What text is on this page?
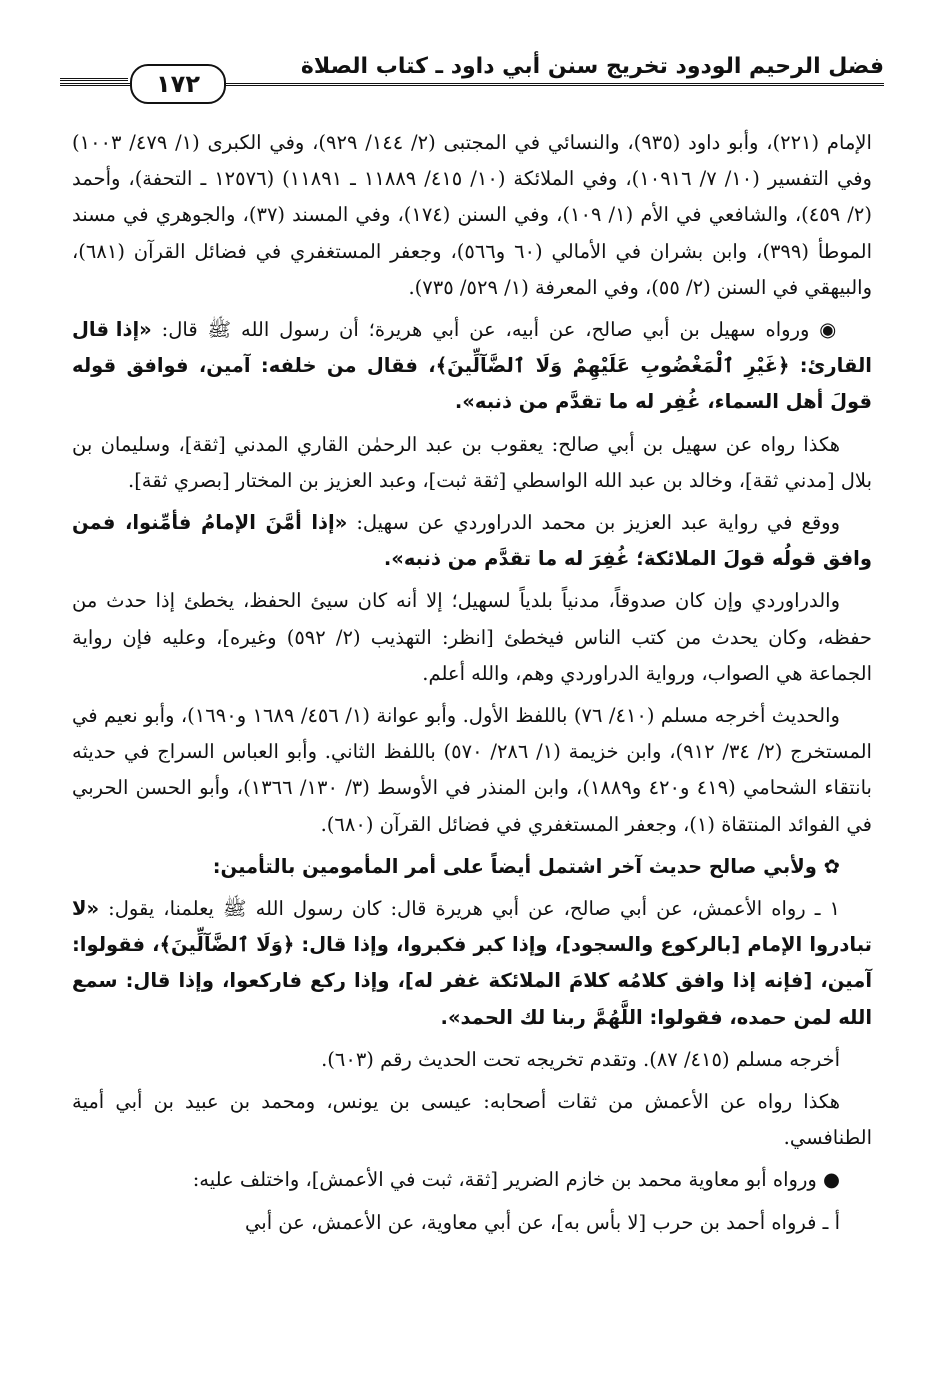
فضل الرحيم الودود تخريج سنن أبي داود ـ كتاب الصلاة
١٧٢

الإمام (٢٢١)، وأبو داود (٩٣٥)، والنسائي في المجتبى (٢/ ١٤٤/ ٩٢٩)، وفي الكبرى (١/ ٤٧٩/ ١٠٠٣) وفي التفسير (١٠/ ٧/ ١٠٩١٦)، وفي الملائكة (١٠/ ٤١٥/ ١١٨٨٩ ـ ١١٨٩١) (١٢٥٧٦ ـ التحفة)، وأحمد (٢/ ٤٥٩)، والشافعي في الأم (١/ ١٠٩)، وفي السنن (١٧٤)، وفي المسند (٣٧)، والجوهري في مسند الموطأ (٣٩٩)، وابن بشران في الأمالي (٦٠ و٥٦٦)، وجعفر المستغفري في فضائل القرآن (٦٨١)، والبيهقي في السنن (٢/ ٥٥)، وفي المعرفة (١/ ٥٢٩/ ٧٣٥).

◉ ورواه سهيل بن أبي صالح، عن أبيه، عن أبي هريرة؛ أن رسول الله ﷺ قال: «إذا قال القارئ: ﴿غَيْرِ ٱلْمَغْضُوبِ عَلَيْهِمْ وَلَا ٱلضَّآلِّينَ﴾، فقال من خلفه: آمين، فوافق قوله قولَ أهل السماء، غُفِر له ما تقدَّم من ذنبه».

هكذا رواه عن سهيل بن أبي صالح: يعقوب بن عبد الرحمٰن القاري المدني [ثقة]، وسليمان بن بلال [مدني ثقة]، وخالد بن عبد الله الواسطي [ثقة ثبت]، وعبد العزيز بن المختار [بصري ثقة].

ووقع في رواية عبد العزيز بن محمد الدراوردي عن سهيل: «إذا أمَّنَ الإمامُ فأمِّنوا، فمن وافق قولُه قولَ الملائكة؛ غُفِرَ له ما تقدَّم من ذنبه».

والدراوردي وإن كان صدوقاً، مدنياً بلدياً لسهيل؛ إلا أنه كان سيئ الحفظ، يخطئ إذا حدث من حفظه، وكان يحدث من كتب الناس فيخطئ [انظر: التهذيب (٢/ ٥٩٢) وغيره]، وعليه فإن رواية الجماعة هي الصواب، ورواية الدراوردي وهم، والله أعلم.

والحديث أخرجه مسلم (٤١٠/ ٧٦) باللفظ الأول. وأبو عوانة (١/ ٤٥٦/ ١٦٨٩ و١٦٩٠)، وأبو نعيم في المستخرج (٢/ ٣٤/ ٩١٢)، وابن خزيمة (١/ ٢٨٦/ ٥٧٠) باللفظ الثاني. وأبو العباس السراج في حديثه بانتقاء الشحامي (٤١٩ و٤٢٠ و١٨٨٩)، وابن المنذر في الأوسط (٣/ ١٣٠/ ١٣٦٦)، وأبو الحسن الحربي في الفوائد المنتقاة (١)، وجعفر المستغفري في فضائل القرآن (٦٨٠).

✿ ولأبي صالح حديث آخر اشتمل أيضاً على أمر المأمومين بالتأمين:

١ ـ رواه الأعمش، عن أبي صالح، عن أبي هريرة قال: كان رسول الله ﷺ يعلمنا، يقول: «لا تبادروا الإمام [بالركوع والسجود]، وإذا كبر فكبروا، وإذا قال: ﴿وَلَا ٱلضَّآلِّينَ﴾، فقولوا: آمين، [فإنه إذا وافق كلامُه كلامَ الملائكة غفر له]، وإذا ركع فاركعوا، وإذا قال: سمع الله لمن حمده، فقولوا: اللَّهُمَّ ربنا لك الحمد».

أخرجه مسلم (٤١٥/ ٨٧). وتقدم تخريجه تحت الحديث رقم (٦٠٣).

هكذا رواه عن الأعمش من ثقات أصحابه: عيسى بن يونس، ومحمد بن عبيد بن أبي أمية الطنافسي.

● ورواه أبو معاوية محمد بن خازم الضرير [ثقة، ثبت في الأعمش]، واختلف عليه:

أ ـ فرواه أحمد بن حرب [لا بأس به]، عن أبي معاوية، عن الأعمش، عن أبي
